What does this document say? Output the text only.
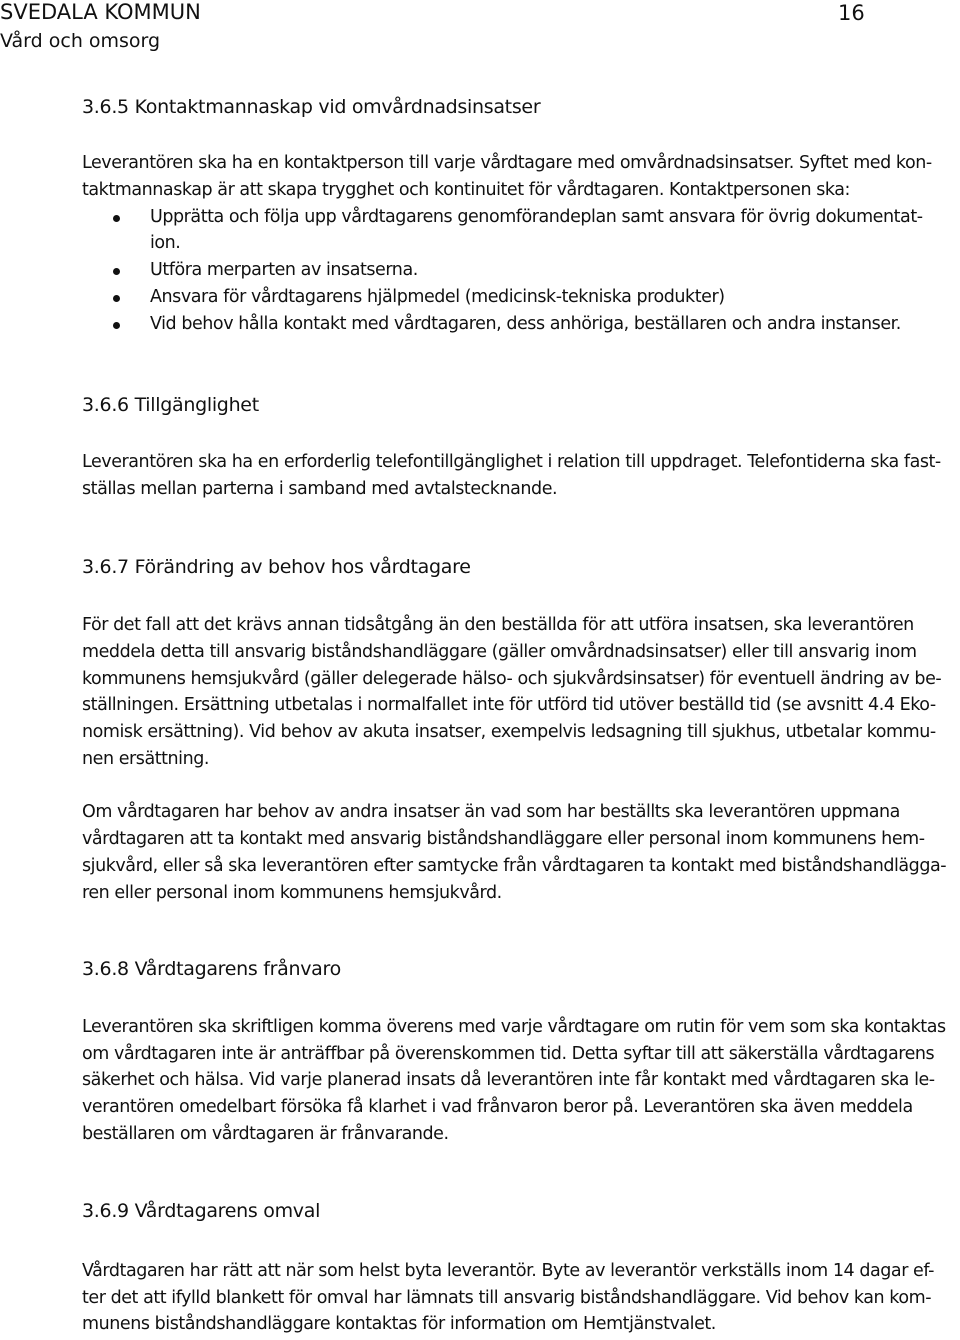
SVEDALA KOMMUN
Vård och omsorg
16
3.6.5 Kontaktmannaskap vid omvårdnadsinsatser
Leverantören ska ha en kontaktperson till varje vårdtagare med omvårdnadsinsatser. Syftet med kon-
taktmannaskap är att skapa trygghet och kontinuitet för vårdtagaren. Kontaktpersonen ska:
Upprätta och följa upp vårdtagarens genomförandeplan samt ansvara för övrig dokumentat-
ion.
Utföra merparten av insatserna.
Ansvara för vårdtagarens hjälpmedel (medicinsk-tekniska produkter)
Vid behov hålla kontakt med vårdtagaren, dess anhöriga, beställaren och andra instanser.
3.6.6 Tillgänglighet
Leverantören ska ha en erforderlig telefontillgänglighet i relation till uppdraget. Telefontiderna ska fast-
ställas mellan parterna i samband med avtalstecknande.
3.6.7 Förändring av behov hos vårdtagare
För det fall att det krävs annan tidsåtgång än den beställda för att utföra insatsen, ska leverantören
meddela detta till ansvarig biståndshandläggare (gäller omvårdnadsinsatser) eller till ansvarig inom
kommunens hemsjukvård (gäller delegerade hälso- och sjukvårdsinsatser) för eventuell ändring av be-
ställningen. Ersättning utbetalas i normalfallet inte för utförd tid utöver beställd tid (se avsnitt 4.4 Eko-
nomisk ersättning). Vid behov av akuta insatser, exempelvis ledsagning till sjukhus, utbetalar kommu-
nen ersättning.
Om vårdtagaren har behov av andra insatser än vad som har beställts ska leverantören uppmana
vårdtagaren att ta kontakt med ansvarig biståndshandläggare eller personal inom kommunens hem-
sjukvård, eller så ska leverantören efter samtycke från vårdtagaren ta kontakt med biståndshandlägga-
ren eller personal inom kommunens hemsjukvård.
3.6.8 Vårdtagarens frånvaro
Leverantören ska skriftligen komma överens med varje vårdtagare om rutin för vem som ska kontaktas
om vårdtagaren inte är anträffbar på överenskommen tid. Detta syftar till att säkerställa vårdtagarens
säkerhet och hälsa. Vid varje planerad insats då leverantören inte får kontakt med vårdtagaren ska le-
verantören omedelbart försöka få klarhet i vad frånvaron beror på. Leverantören ska även meddela
beställaren om vårdtagaren är frånvarande.
3.6.9 Vårdtagarens omval
Vårdtagaren har rätt att när som helst byta leverantör. Byte av leverantör verkställs inom 14 dagar ef-
ter det att ifylld blankett för omval har lämnats till ansvarig biståndshandläggare. Vid behov kan kom-
munens biståndshandläggare kontaktas för information om Hemtjänstvalet.
